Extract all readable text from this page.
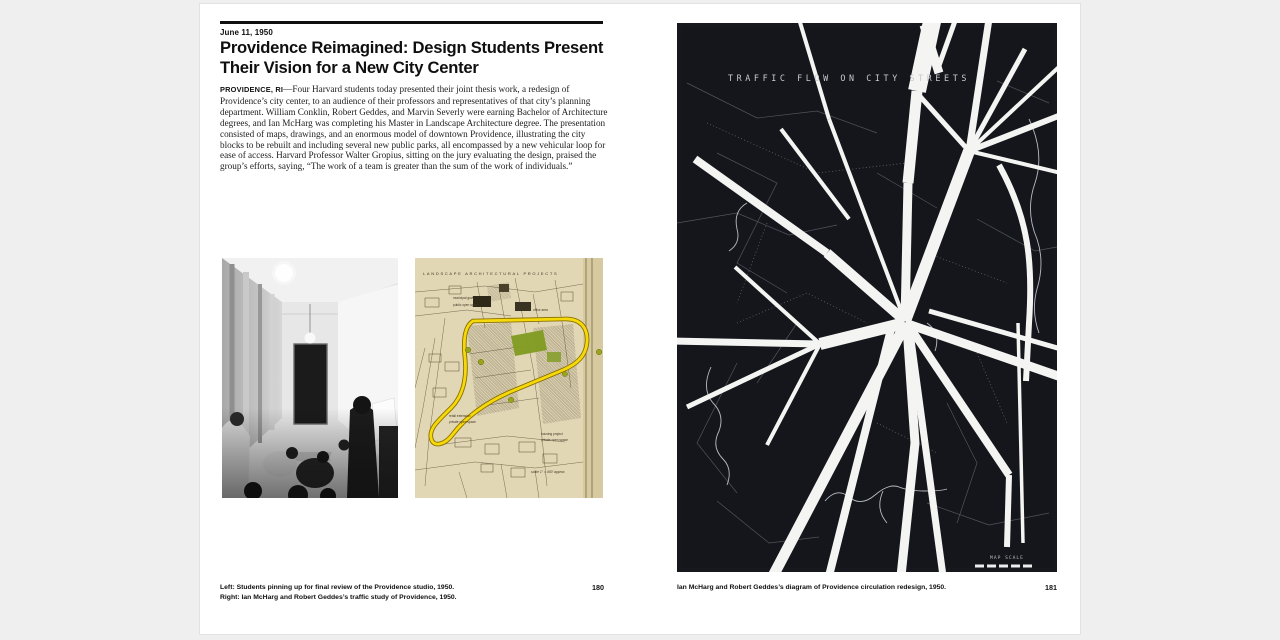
June 11, 1950
Providence Reimagined: Design Students Present
Their Vision for a New City Center
PROVIDENCE, RI—Four Harvard students today presented their joint thesis work, a redesign of Providence’s city center, to an audience of their professors and representatives of that city’s planning department. William Conklin, Robert Geddes, and Marvin Severly were earning Bachelor of Architecture degrees, and Ian McHarg was completing his Master in Landscape Architecture degree. The presentation consisted of maps, drawings, and an enormous model of downtown Providence, illustrating the city blocks to be rebuilt and including several new public parks, all encompassed by a new vehicular loop for ease of access. Harvard Professor Walter Gropius, sitting on the jury evaluating the design, praised the group’s efforts, saying, “The work of a team is greater than the sum of the work of individuals.”
LANDSCAPE ARCHITECTURAL PROJECTS
municipal govt
public open space
office area
retail extension
private open space
housing project
private open space
scale 1" = 400' approx.
Left: Students pinning up for final review of the Providence studio, 1950.
Right: Ian McHarg and Robert Geddes’s traffic study of Providence, 1950.
180
TRAFFIC FLOW ON CITY STREETS
MAP SCALE
Ian McHarg and Robert Geddes’s diagram of Providence circulation redesign, 1950.	181
